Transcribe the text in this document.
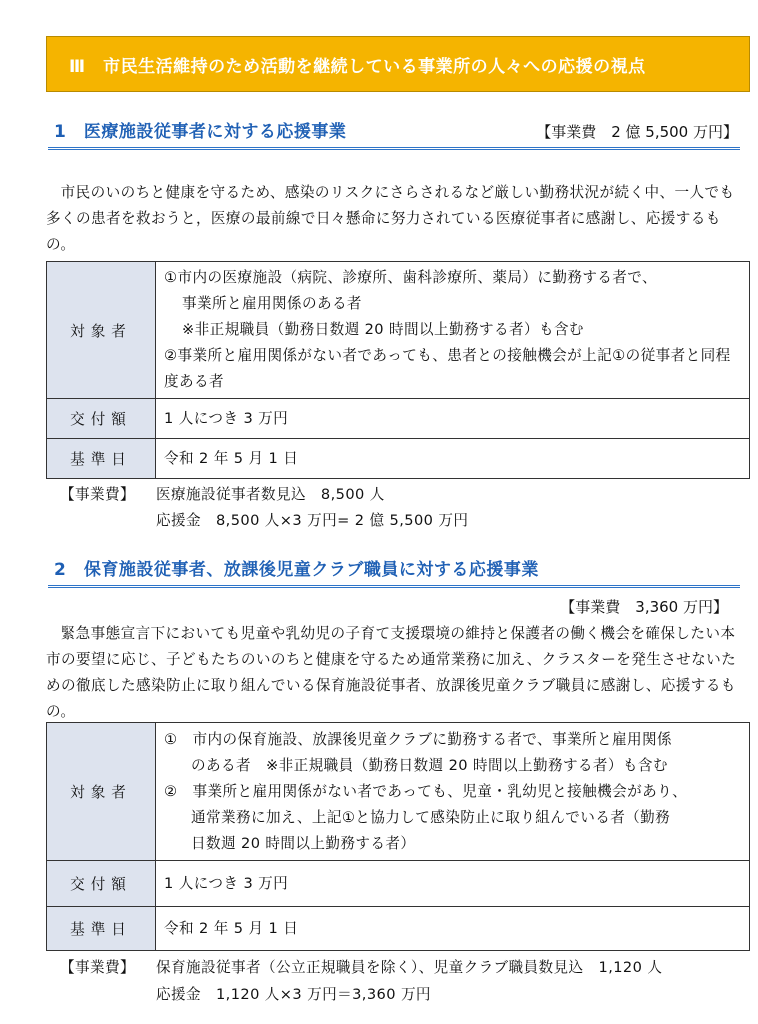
Ⅲ　市民生活維持のため活動を継続している事業所の人々への応援の視点
1　医療施設従事者に対する応援事業	【事業費　2 億 5,500 万円】

市民のいのちと健康を守るため、感染のリスクにさらされるなど厳しい勤務状況が続く中、一人でも多くの患者を救おうと，医療の最前線で日々懸命に努力されている医療従事者に感謝し、応援するもの。

対象者	①市内の医療施設（病院、診療所、歯科診療所、薬局）に勤務する者で、
事業所と雇用関係のある者
※非正規職員（勤務日数週 20 時間以上勤務する者）も含む
②事業所と雇用関係がない者であっても、患者との接触機会が上記①の従事者と同程度ある者

交付額	1 人につき 3 万円
基準日	令和 2 年 5 月 1 日
【事業費】 医療施設従事者数見込　8,500 人
応援金　8,500 人×3 万円= 2 億 5,500 万円
2　保育施設従事者、放課後児童クラブ職員に対する応援事業
【事業費　3,360 万円】

緊急事態宣言下においても児童や乳幼児の子育て支援環境の維持と保護者の働く機会を確保したい本市の要望に応じ、子どもたちのいのちと健康を守るため通常業務に加え、クラスターを発生させないための徹底した感染防止に取り組んでいる保育施設従事者、放課後児童クラブ職員に感謝し、応援するもの。

対象者	①　市内の保育施設、放課後児童クラブに勤務する者で、事業所と雇用関係
のある者　※非正規職員（勤務日数週 20 時間以上勤務する者）も含む
②　事業所と雇用関係がない者であっても、児童・乳幼児と接触機会があり、
通常業務に加え、上記①と協力して感染防止に取り組んでいる者（勤務
日数週 20 時間以上勤務する者）

交付額	1 人につき 3 万円
基準日	令和 2 年 5 月 1 日
【事業費】 保育施設従事者（公立正規職員を除く）、児童クラブ職員数見込　1,120 人
応援金　1,120 人×3 万円＝3,360 万円
